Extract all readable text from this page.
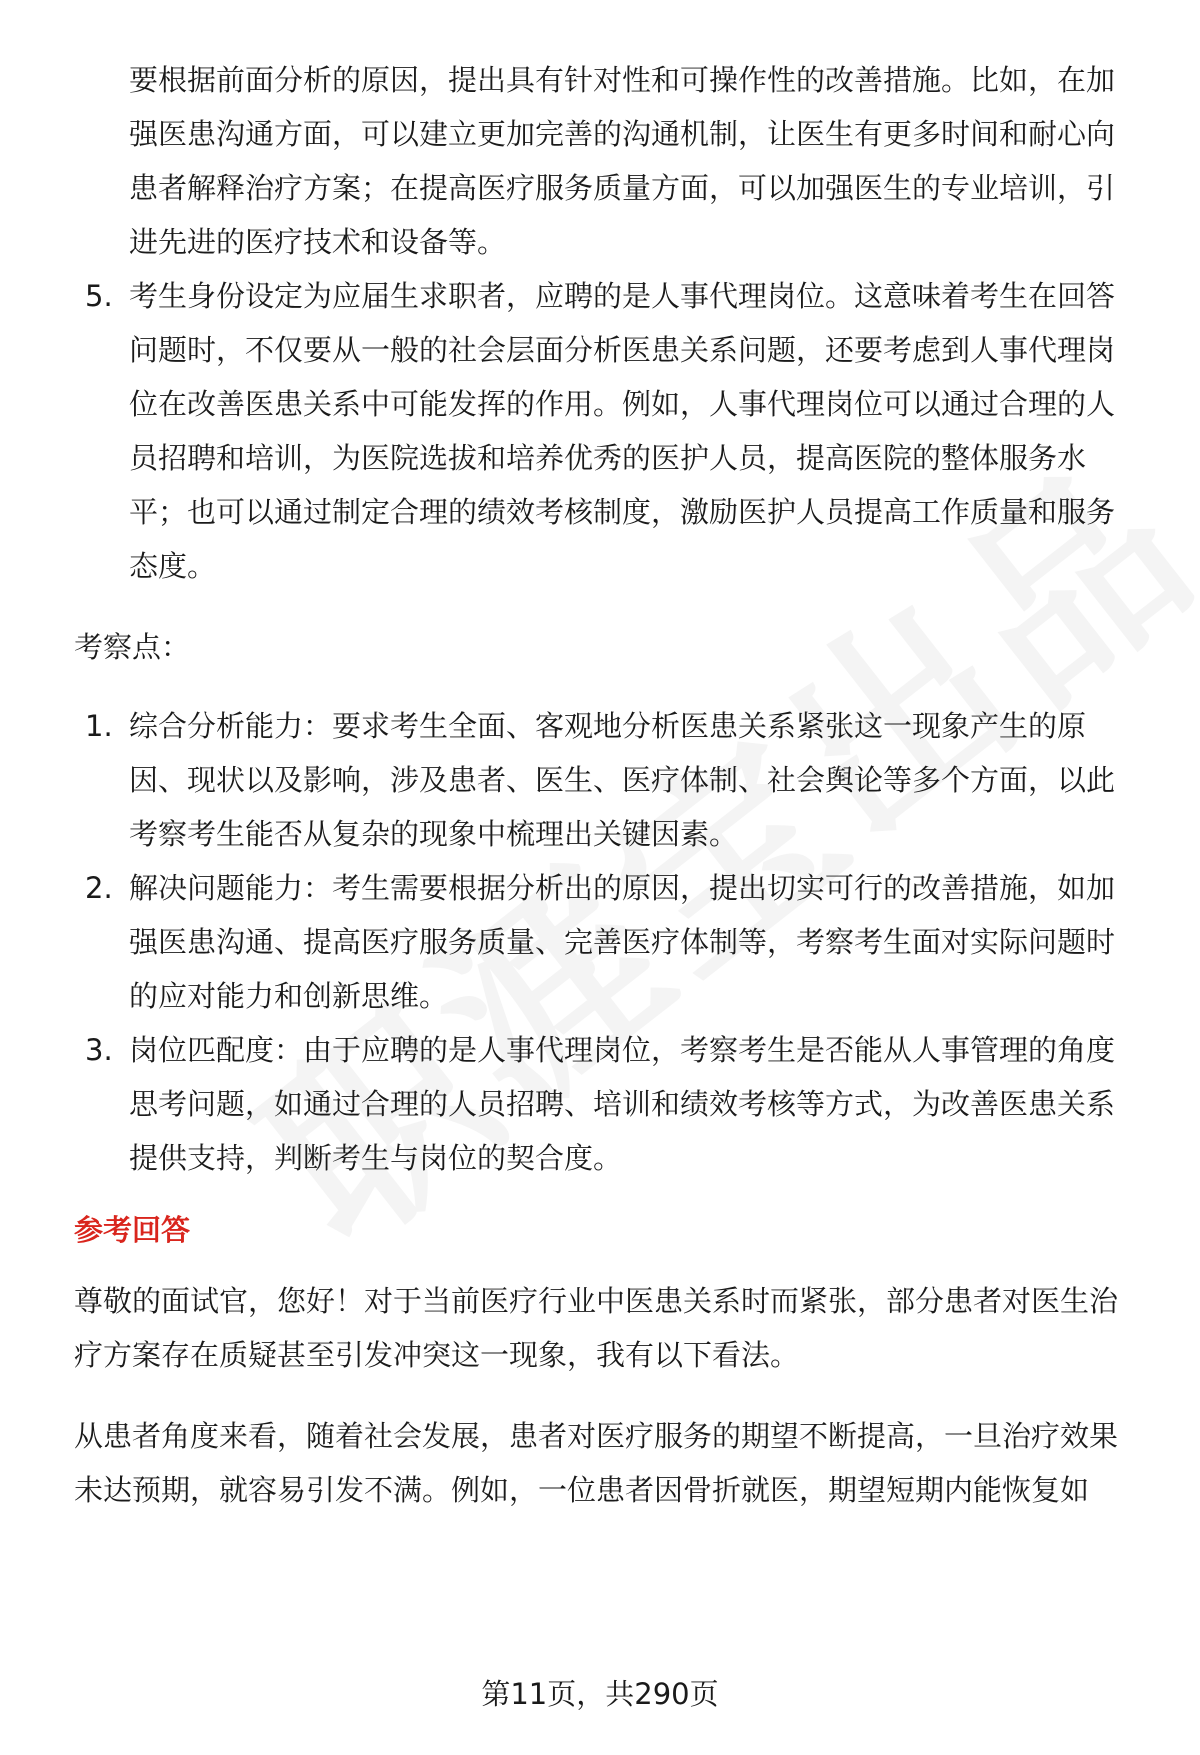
要根据前面分析的原因，提出具有针对性和可操作性的改善措施。比如，在加
强医患沟通方面，可以建立更加完善的沟通机制，让医生有更多时间和耐心向
患者解释治疗方案；在提高医疗服务质量方面，可以加强医生的专业培训，引
进先进的医疗技术和设备等。
5. 考生身份设定为应届生求职者，应聘的是人事代理岗位。这意味着考生在回答
问题时，不仅要从一般的社会层面分析医患关系问题，还要考虑到人事代理岗
位在改善医患关系中可能发挥的作用。例如，人事代理岗位可以通过合理的人
员招聘和培训，为医院选拔和培养优秀的医护人员，提高医院的整体服务水
平；也可以通过制定合理的绩效考核制度，激励医护人员提高工作质量和服务
态度。
考察点：
1. 综合分析能力：要求考生全面、客观地分析医患关系紧张这一现象产生的原
因、现状以及影响，涉及患者、医生、医疗体制、社会舆论等多个方面，以此
考察考生能否从复杂的现象中梳理出关键因素。
2. 解决问题能力：考生需要根据分析出的原因，提出切实可行的改善措施，如加
强医患沟通、提高医疗服务质量、完善医疗体制等，考察考生面对实际问题时
的应对能力和创新思维。
3. 岗位匹配度：由于应聘的是人事代理岗位，考察考生是否能从人事管理的角度
思考问题，如通过合理的人员招聘、培训和绩效考核等方式，为改善医患关系
提供支持，判断考生与岗位的契合度。
参考回答
尊敬的面试官，您好！对于当前医疗行业中医患关系时而紧张，部分患者对医生治
疗方案存在质疑甚至引发冲突这一现象，我有以下看法。
从患者角度来看，随着社会发展，患者对医疗服务的期望不断提高，一旦治疗效果
未达预期，就容易引发不满。例如，一位患者因骨折就医，期望短期内能恢复如
第11页，共290页
